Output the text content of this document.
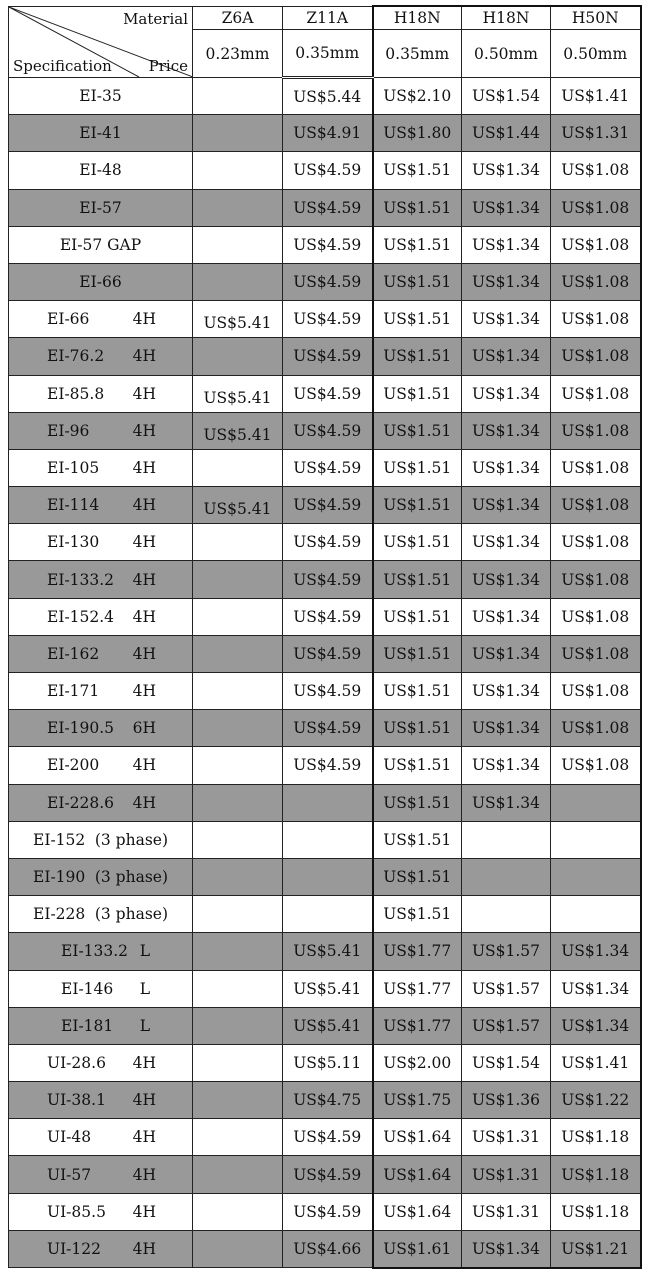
Material
Specification Price	Z6A	Z11A	H18N	H18N	H50N
	0.23mm	0.35mm	0.35mm	0.50mm	0.50mm

EI-35		US$5.44	US$2.10	US$1.54	US$1.41

EI-41		US$4.91	US$1.80	US$1.44	US$1.31

EI-48		US$4.59	US$1.51	US$1.34	US$1.08

EI-57		US$4.59	US$1.51	US$1.34	US$1.08

EI-57 GAP		US$4.59	US$1.51	US$1.34	US$1.08

EI-66		US$4.59	US$1.51	US$1.34	US$1.08

EI-66 4H	US$5.41	US$4.59	US$1.51	US$1.34	US$1.08

EI-76.2 4H		US$4.59	US$1.51	US$1.34	US$1.08

EI-85.8 4H	US$5.41	US$4.59	US$1.51	US$1.34	US$1.08

EI-96 4H	US$5.41	US$4.59	US$1.51	US$1.34	US$1.08

EI-105 4H		US$4.59	US$1.51	US$1.34	US$1.08

EI-114 4H	US$5.41	US$4.59	US$1.51	US$1.34	US$1.08

EI-130 4H		US$4.59	US$1.51	US$1.34	US$1.08

EI-133.2 4H		US$4.59	US$1.51	US$1.34	US$1.08

EI-152.4 4H		US$4.59	US$1.51	US$1.34	US$1.08

EI-162 4H		US$4.59	US$1.51	US$1.34	US$1.08

EI-171 4H		US$4.59	US$1.51	US$1.34	US$1.08

EI-190.5 6H		US$4.59	US$1.51	US$1.34	US$1.08

EI-200 4H		US$4.59	US$1.51	US$1.34	US$1.08

EI-228.6 4H			US$1.51	US$1.34	

EI-152 (3 phase)			US$1.51		

EI-190 (3 phase)			US$1.51		

EI-228 (3 phase)			US$1.51		

EI-133.2 L		US$5.41	US$1.77	US$1.57	US$1.34

EI-146 L		US$5.41	US$1.77	US$1.57	US$1.34

EI-181 L		US$5.41	US$1.77	US$1.57	US$1.34

UI-28.6 4H		US$5.11	US$2.00	US$1.54	US$1.41

UI-38.1 4H		US$4.75	US$1.75	US$1.36	US$1.22

UI-48 4H		US$4.59	US$1.64	US$1.31	US$1.18

UI-57 4H		US$4.59	US$1.64	US$1.31	US$1.18

UI-85.5 4H		US$4.59	US$1.64	US$1.31	US$1.18

UI-122 4H		US$4.66	US$1.61	US$1.34	US$1.21
